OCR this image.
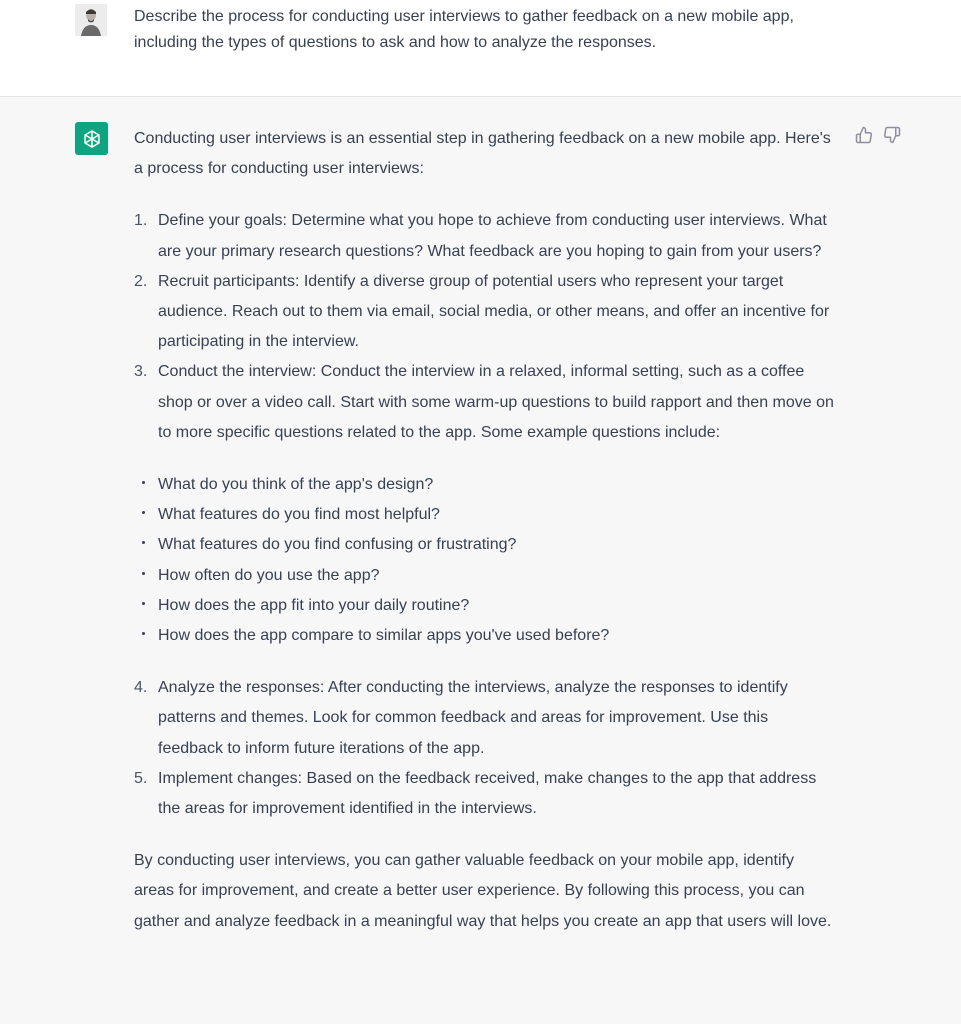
Describe the process for conducting user interviews to gather feedback on a new mobile app, including the types of questions to ask and how to analyze the responses.

Conducting user interviews is an essential step in gathering feedback on a new mobile app. Here's a process for conducting user interviews:

1. Define your goals: Determine what you hope to achieve from conducting user interviews. What are your primary research questions? What feedback are you hoping to gain from your users?
2. Recruit participants: Identify a diverse group of potential users who represent your target audience. Reach out to them via email, social media, or other means, and offer an incentive for participating in the interview.
3. Conduct the interview: Conduct the interview in a relaxed, informal setting, such as a coffee shop or over a video call. Start with some warm-up questions to build rapport and then move on to more specific questions related to the app. Some example questions include:
What do you think of the app's design?
What features do you find most helpful?
What features do you find confusing or frustrating?
How often do you use the app?
How does the app fit into your daily routine?
How does the app compare to similar apps you've used before?
4. Analyze the responses: After conducting the interviews, analyze the responses to identify patterns and themes. Look for common feedback and areas for improvement. Use this feedback to inform future iterations of the app.
5. Implement changes: Based on the feedback received, make changes to the app that address the areas for improvement identified in the interviews.

By conducting user interviews, you can gather valuable feedback on your mobile app, identify areas for improvement, and create a better user experience. By following this process, you can gather and analyze feedback in a meaningful way that helps you create an app that users will love.
